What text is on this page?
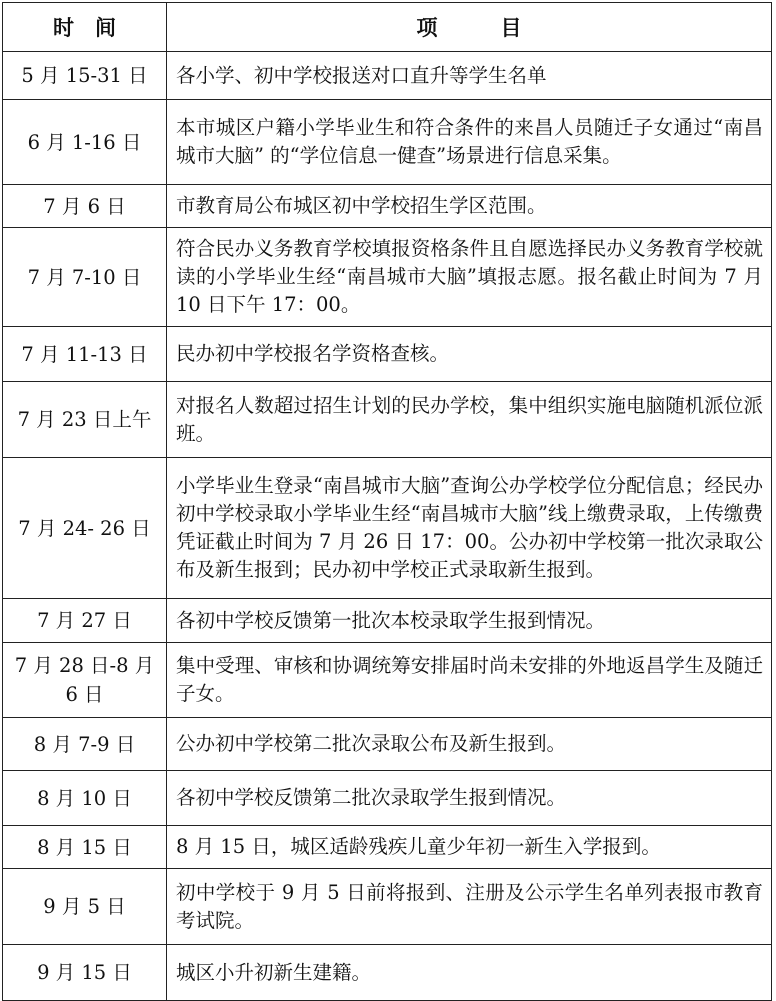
时　间	项　　　目
5 月 15-31 日	各小学、初中学校报送对口直升等学生名单
6 月 1-16 日	本市城区户籍小学毕业生和符合条件的来昌人员随迁子女通过“南昌城市大脑” 的“学位信息一健查”场景进行信息采集。
7 月 6 日	市教育局公布城区初中学校招生学区范围。
7 月 7-10 日	符合民办义务教育学校填报资格条件且自愿选择民办义务教育学校就读的小学毕业生经“南昌城市大脑”填报志愿。报名截止时间为 7 月 10 日下午 17：00。
7 月 11-13 日	民办初中学校报名学资格查核。
7 月 23 日上午	对报名人数超过招生计划的民办学校，集中组织实施电脑随机派位派班。
7 月 24- 26 日	小学毕业生登录“南昌城市大脑”查询公办学校学位分配信息；经民办初中学校录取小学毕业生经“南昌城市大脑”线上缴费录取，上传缴费凭证截止时间为 7 月 26 日 17：00。公办初中学校第一批次录取公布及新生报到；民办初中学校正式录取新生报到。
7 月 27 日	各初中学校反馈第一批次本校录取学生报到情况。
7 月 28 日-8 月 6 日	集中受理、审核和协调统筹安排届时尚未安排的外地返昌学生及随迁子女。
8 月 7-9 日	公办初中学校第二批次录取公布及新生报到。
8 月 10 日	各初中学校反馈第二批次录取学生报到情况。
8 月 15 日	8 月 15 日，城区适龄残疾儿童少年初一新生入学报到。
9 月 5 日	初中学校于 9 月 5 日前将报到、注册及公示学生名单列表报市教育考试院。
9 月 15 日	城区小升初新生建籍。
